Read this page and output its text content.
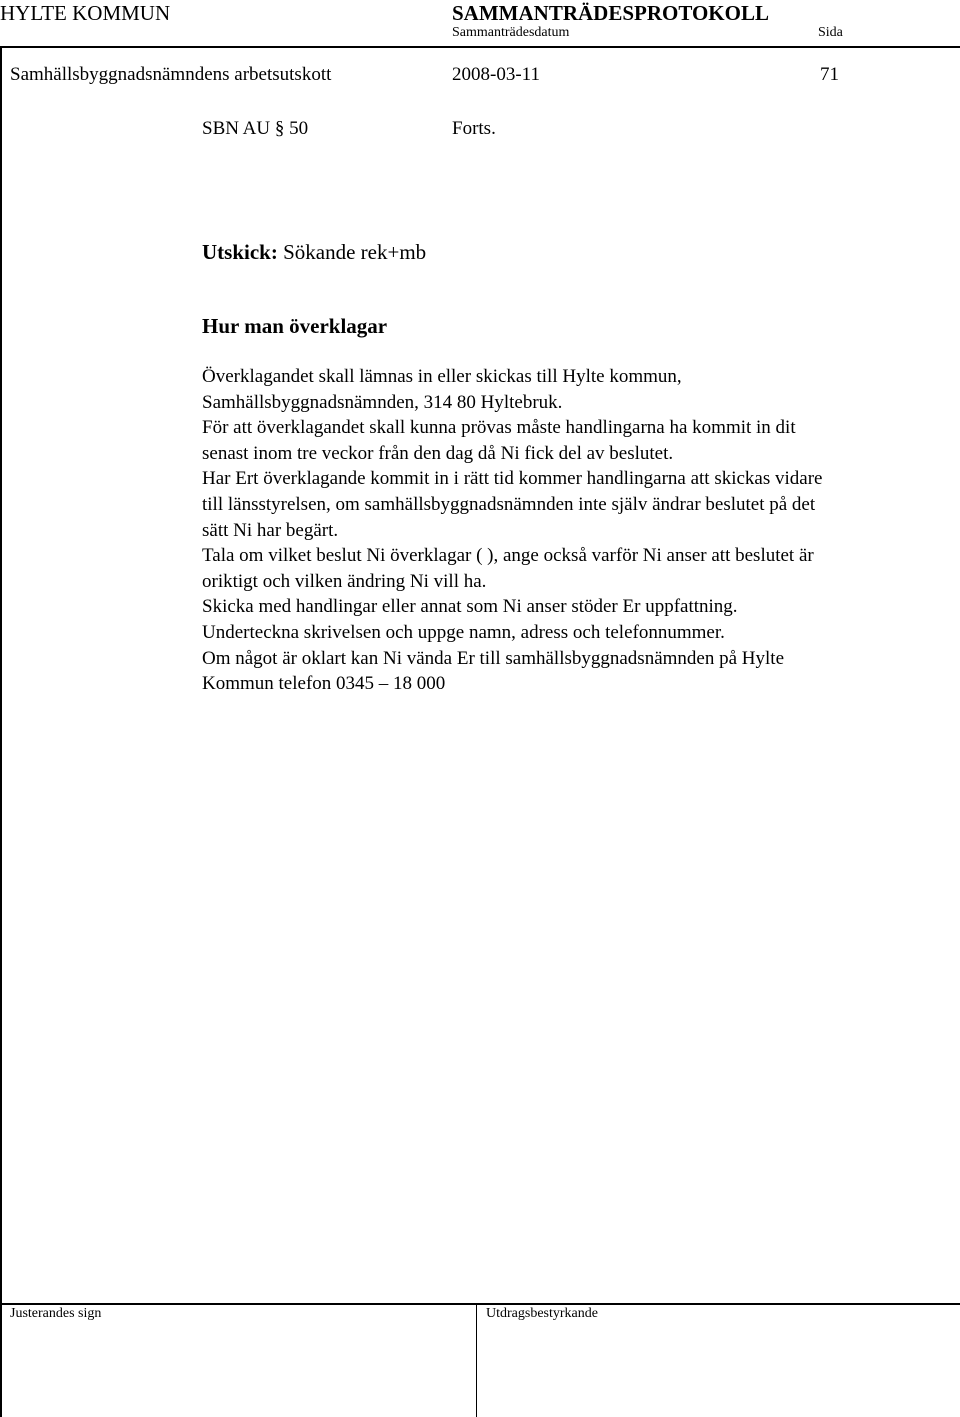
HYLTE KOMMUN	SAMMANTRÄDESPROTOKOLL
Sammanträdesdatum	Sida
Samhällsbyggnadsnämndens arbetsutskott	2008-03-11	71
SBN AU § 50	Forts.
Utskick: Sökande rek+mb
Hur man överklagar
Överklagandet skall lämnas in eller skickas till Hylte kommun,
Samhällsbyggnadsnämnden, 314 80 Hyltebruk.
För att överklagandet skall kunna prövas måste handlingarna ha kommit in dit
senast inom tre veckor från den dag då Ni fick del av beslutet.
Har Ert överklagande kommit in i rätt tid kommer handlingarna att skickas vidare
till länsstyrelsen, om samhällsbyggnadsnämnden inte själv ändrar beslutet på det
sätt Ni har begärt.
Tala om vilket beslut Ni överklagar ( ), ange också varför Ni anser att beslutet är
oriktigt och vilken ändring Ni vill ha.
Skicka med handlingar eller annat som Ni anser stöder Er uppfattning.
Underteckna skrivelsen och uppge namn, adress och telefonnummer.
Om något är oklart kan Ni vända Er till samhällsbyggnadsnämnden på Hylte
Kommun telefon 0345 – 18 000
Justerandes sign	Utdragsbestyrkande
